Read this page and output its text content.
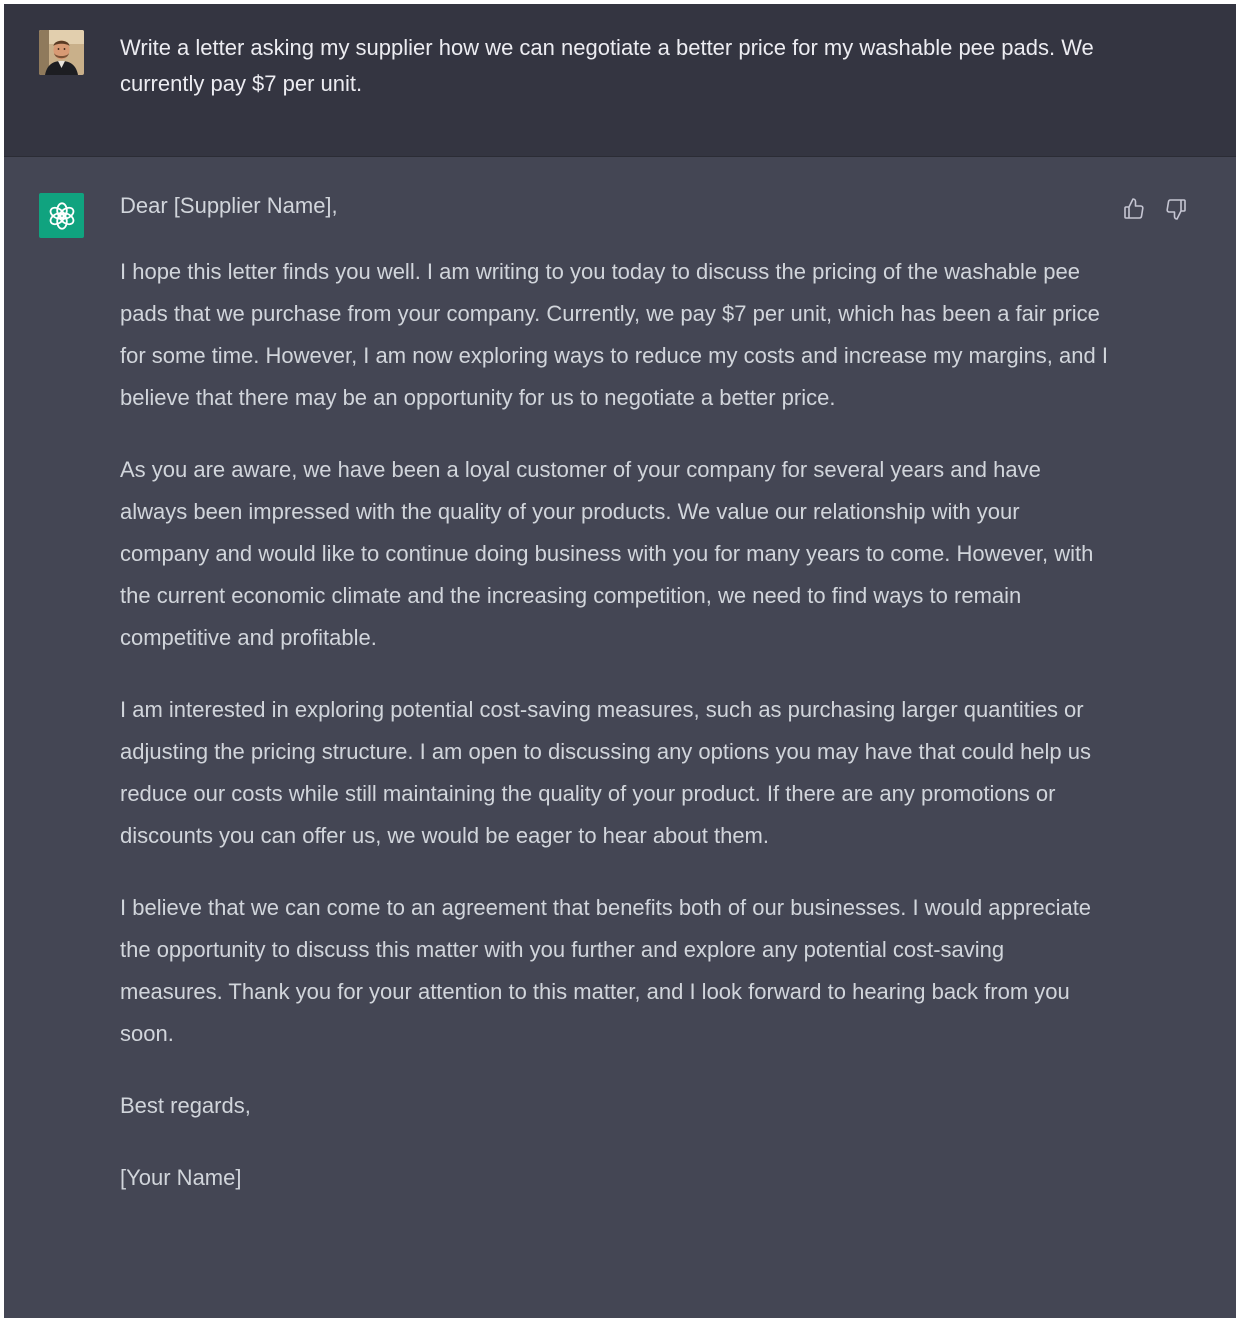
Write a letter asking my supplier how we can negotiate a better price for my washable pee pads. We currently pay $7 per unit.

Dear [Supplier Name],

I hope this letter finds you well. I am writing to you today to discuss the pricing of the washable pee pads that we purchase from your company. Currently, we pay $7 per unit, which has been a fair price for some time. However, I am now exploring ways to reduce my costs and increase my margins, and I believe that there may be an opportunity for us to negotiate a better price.

As you are aware, we have been a loyal customer of your company for several years and have always been impressed with the quality of your products. We value our relationship with your company and would like to continue doing business with you for many years to come. However, with the current economic climate and the increasing competition, we need to find ways to remain competitive and profitable.

I am interested in exploring potential cost-saving measures, such as purchasing larger quantities or adjusting the pricing structure. I am open to discussing any options you may have that could help us reduce our costs while still maintaining the quality of your product. If there are any promotions or discounts you can offer us, we would be eager to hear about them.

I believe that we can come to an agreement that benefits both of our businesses. I would appreciate the opportunity to discuss this matter with you further and explore any potential cost-saving measures. Thank you for your attention to this matter, and I look forward to hearing back from you soon.

Best regards,

[Your Name]
